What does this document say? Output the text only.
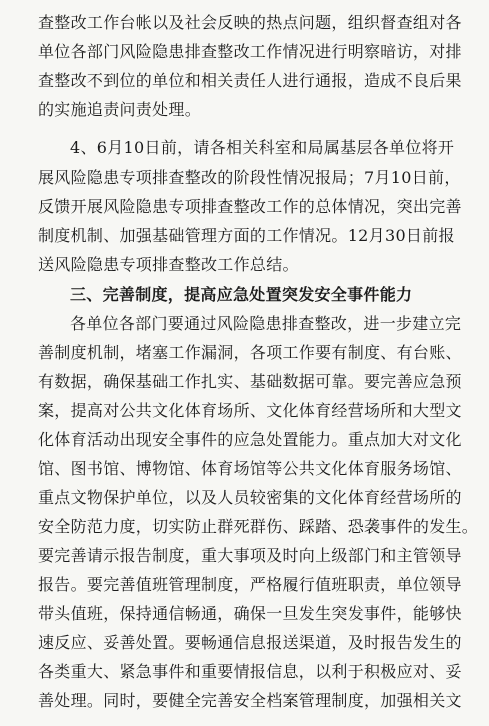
查整改工作台帐以及社会反映的热点问题，组织督查组对各
单位各部门风险隐患排查整改工作情况进行明察暗访，对排
查整改不到位的单位和相关责任人进行通报，造成不良后果
的实施追责问责处理。
4、6月10日前，请各相关科室和局属基层各单位将开
展风险隐患专项排查整改的阶段性情况报局；7月10日前，
反馈开展风险隐患专项排查整改工作的总体情况，突出完善
制度机制、加强基础管理方面的工作情况。12月30日前报
送风险隐患专项排查整改工作总结。
三、完善制度，提高应急处置突发安全事件能力
各单位各部门要通过风险隐患排查整改，进一步建立完
善制度机制，堵塞工作漏洞，各项工作要有制度、有台账、
有数据，确保基础工作扎实、基础数据可靠。要完善应急预
案，提高对公共文化体育场所、文化体育经营场所和大型文
化体育活动出现安全事件的应急处置能力。重点加大对文化
馆、图书馆、博物馆、体育场馆等公共文化体育服务场馆、
重点文物保护单位，以及人员较密集的文化体育经营场所的
安全防范力度，切实防止群死群伤、踩踏、恐袭事件的发生。
要完善请示报告制度，重大事项及时向上级部门和主管领导
报告。要完善值班管理制度，严格履行值班职责，单位领导
带头值班，保持通信畅通，确保一旦发生突发事件，能够快
速反应、妥善处置。要畅通信息报送渠道，及时报告发生的
各类重大、紧急事件和重要情报信息，以利于积极应对、妥
善处理。同时，要健全完善安全档案管理制度，加强相关文
